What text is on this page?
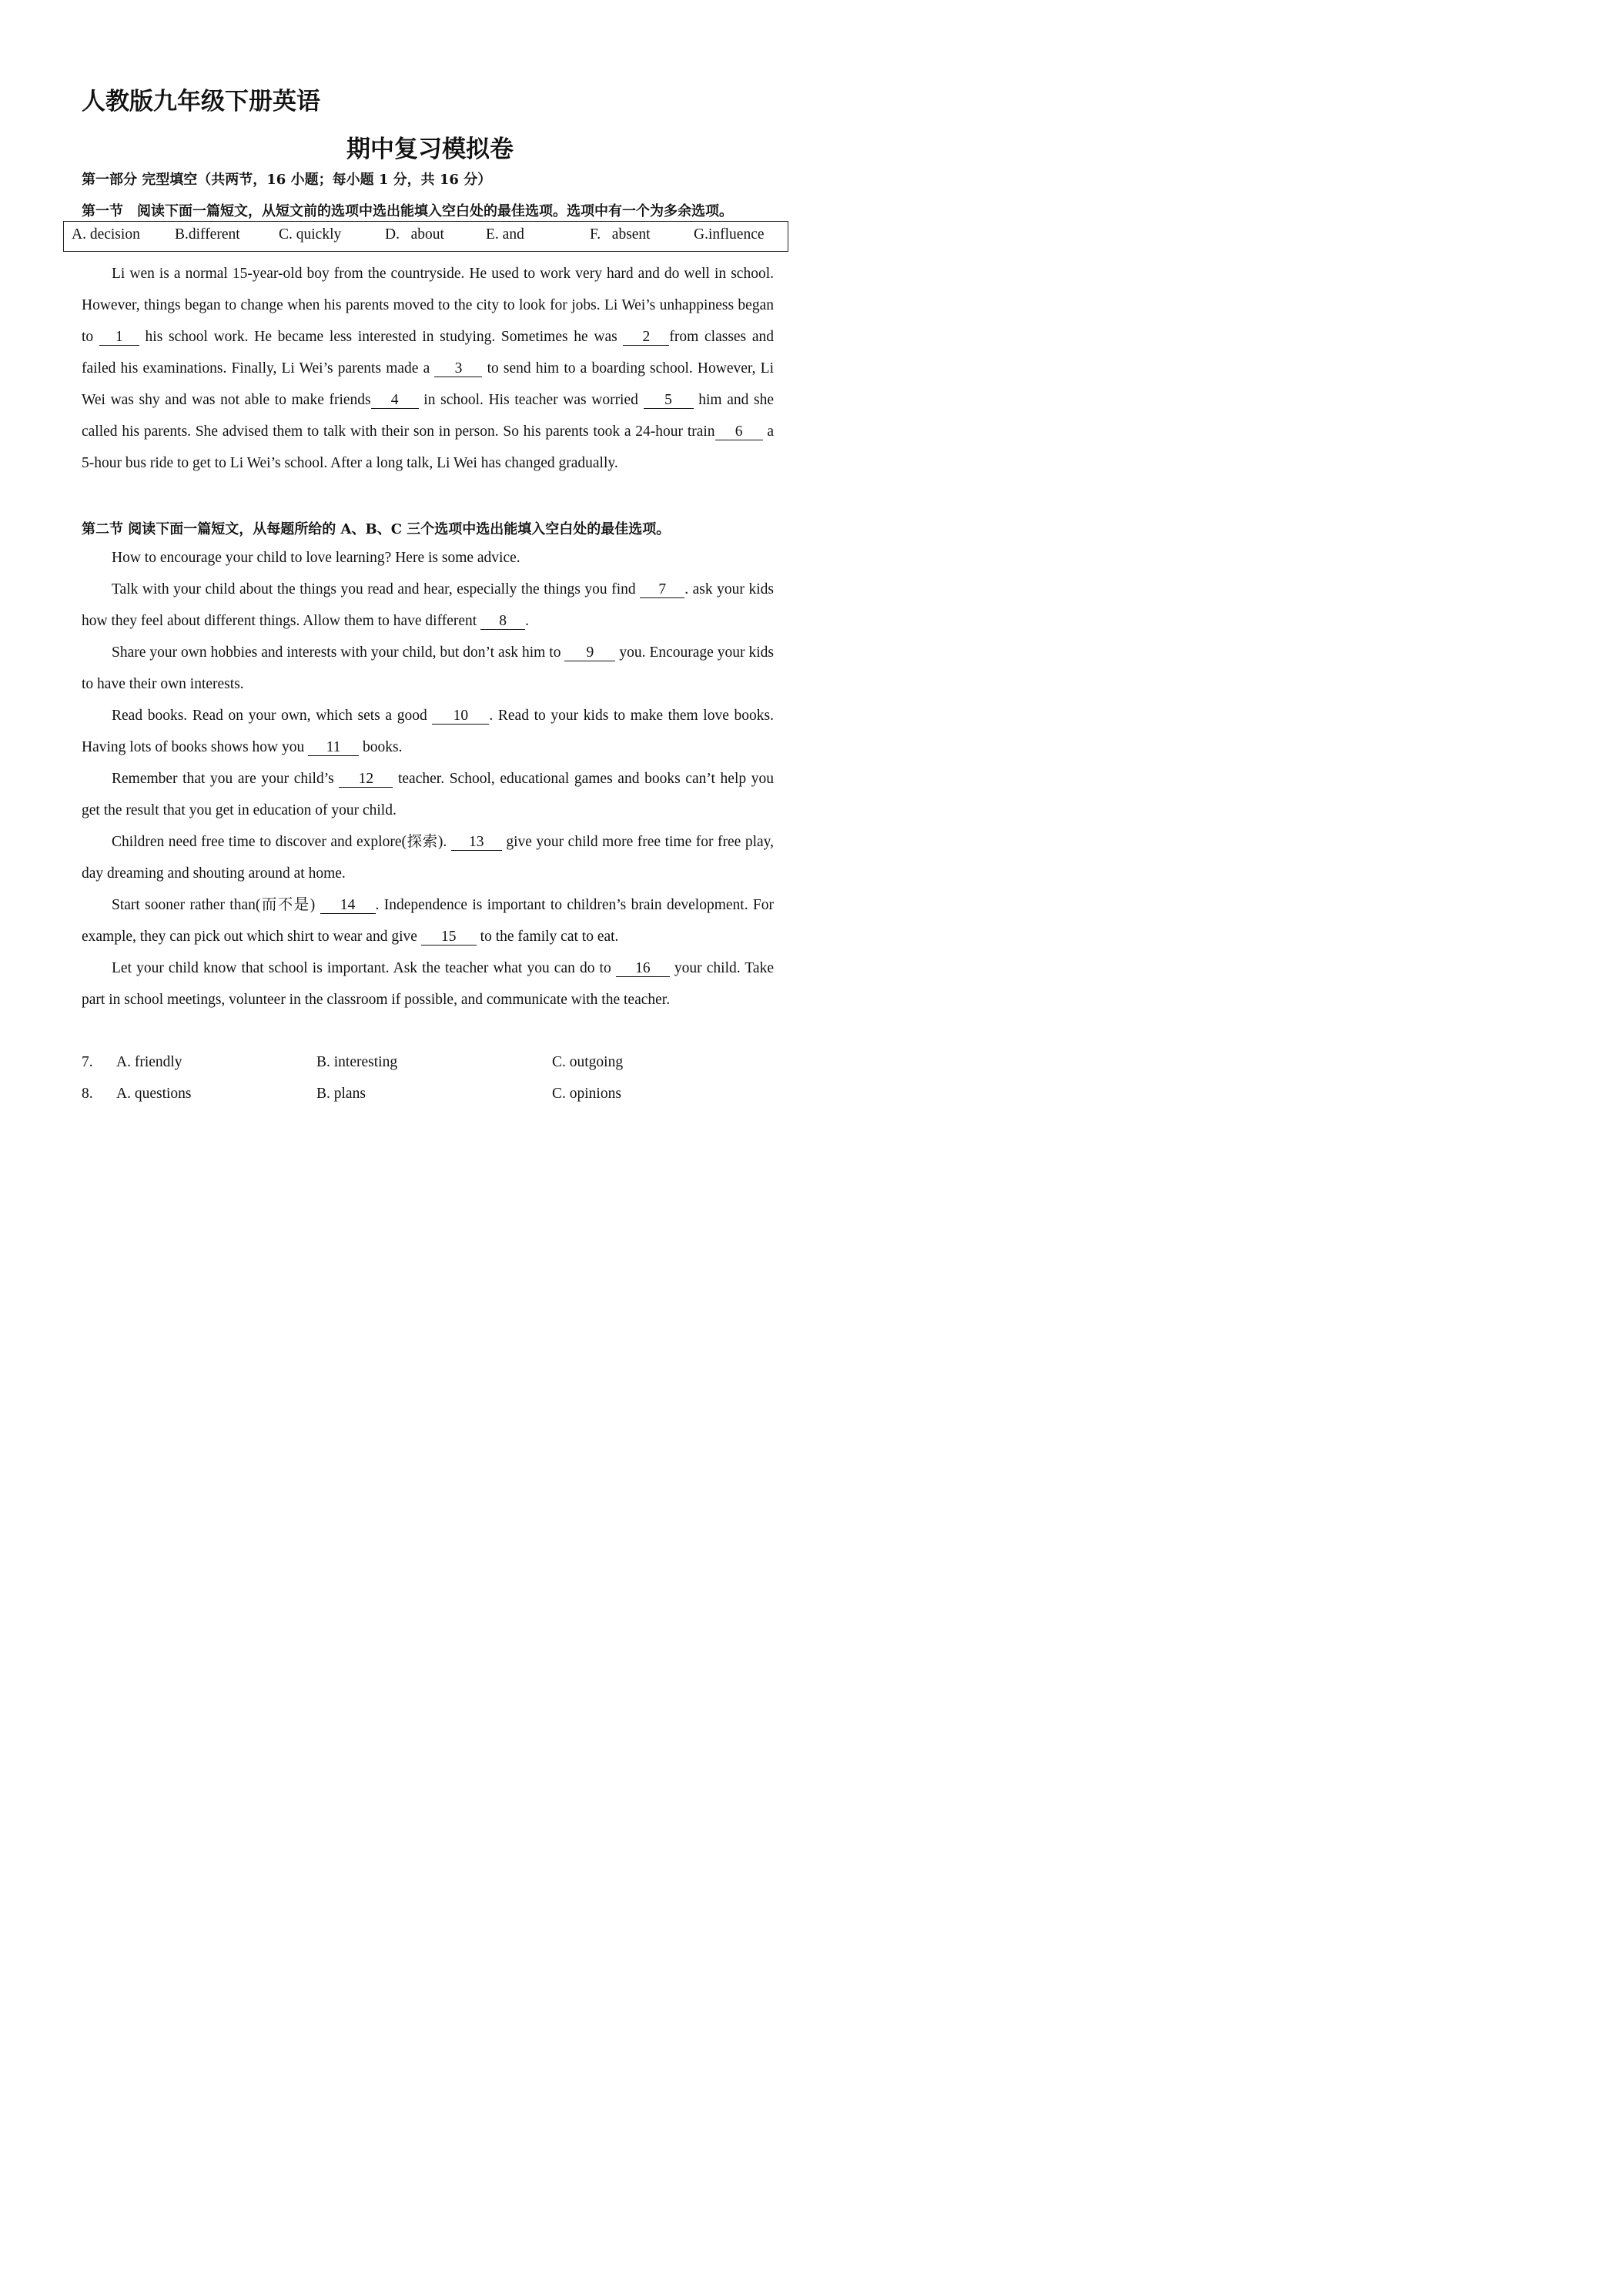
人教版九年级下册英语
期中复习模拟卷
第一部分 完型填空（共两节，16 小题；每小题 1 分，共 16 分）
第一节　阅读下面一篇短文，从短文前的选项中选出能填入空白处的最佳选项。选项中有一个为多余选项。
A. decision B.different	C. quickly	D.   about	E. and	F.   absent	G.influence
Li wen is a normal 15-year-old boy from the countryside. He used to work very hard and do well in school. However, things began to change when his parents moved to the city to look for jobs. Li Wei’s unhappiness began to 1 his school work. He became less interested in studying. Sometimes he was 2 from classes and failed his examinations. Finally, Li Wei’s parents made a 3 to send him to a boarding school. However, Li Wei was shy and was not able to make friends 4 in school. His teacher was worried 5 him and she called his parents. She advised them to talk with their son in person. So his parents took a 24-hour train 6 a 5-hour bus ride to get to Li Wei’s school. After a long talk, Li Wei has changed gradually.
第二节 阅读下面一篇短文，从每题所给的 A、B、C 三个选项中选出能填入空白处的最佳选项。
How to encourage your child to love learning? Here is some advice.
Talk with your child about the things you read and hear, especially the things you find 7 . ask your kids how they feel about different things. Allow them to have different 8 .
Share your own hobbies and interests with your child, but don’t ask him to 9 you. Encourage your kids to have their own interests.
Read books. Read on your own, which sets a good 10 . Read to your kids to make them love books. Having lots of books shows how you 11 books.
Remember that you are your child’s 12 teacher. School, educational games and books can’t help you get the result that you get in education of your child.
Children need free time to discover and explore(探索). 13 give your child more free time for free play, day dreaming and shouting around at home.
Start sooner rather than(而不是) 14 . Independence is important to children’s brain development. For example, they can pick out which shirt to wear and give 15 to the family cat to eat.
Let your child know that school is important. Ask the teacher what you can do to 16 your child. Take part in school meetings, volunteer in the classroom if possible, and communicate with the teacher.
7. A. friendly	B. interesting	C. outgoing
8. A. questions	B. plans	C. opinions
